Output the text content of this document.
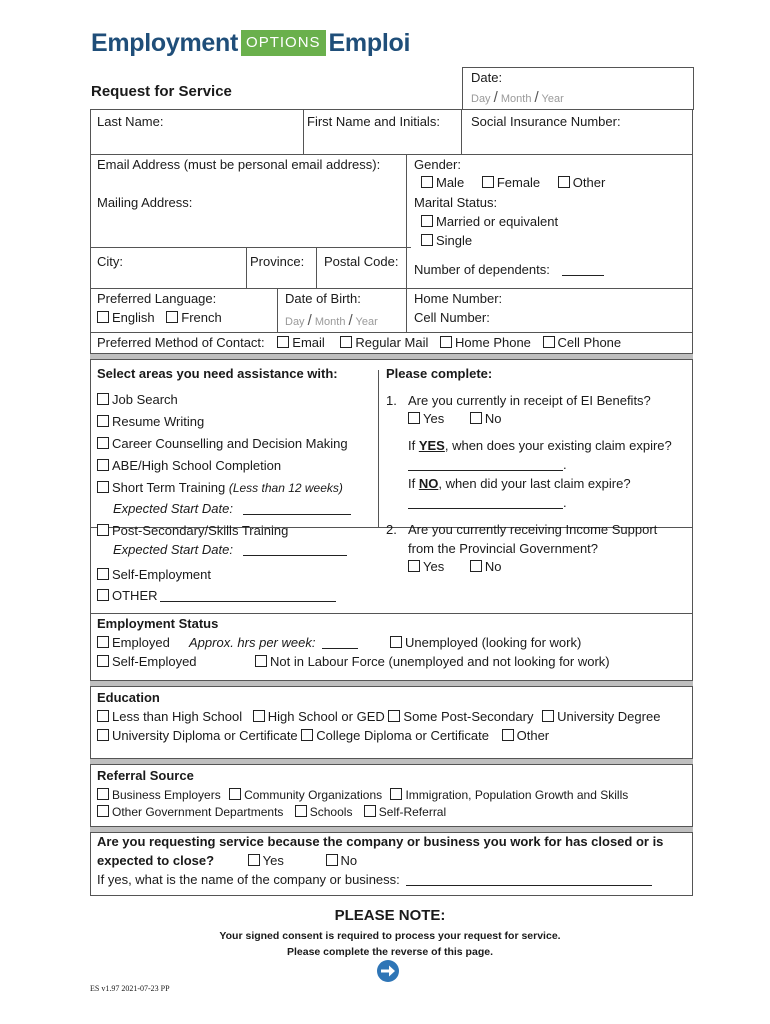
Employment OPTIONS Emploi
Request for Service
Date:
Day / Month / Year
Last Name:	First Name and Initials: Social Insurance Number:
Email Address (must be personal email address):	Gender:
Male	Female	Other
Mailing Address:	Marital Status:
Married or equivalent
Single
City:	Province: Postal Code:
Number of dependents:
Preferred Language:
English French
Date of Birth:
Day / Month / Year
Home Number:
Cell Number:
Preferred Method of Contact: Email Regular Mail Home Phone Cell Phone
Select areas you need assistance with:
Job Search
Resume Writing
Career Counselling and Decision Making
ABE/High School Completion
Short Term Training (Less than 12 weeks)
Expected Start Date:
Post-Secondary/Skills Training
Expected Start Date:
Self-Employment
OTHER
Please complete:
1. Are you currently in receipt of EI Benefits?
Yes	No
If YES, when does your existing claim expire?
.
If NO, when did your last claim expire?
.
2. Are you currently receiving Income Support
from the Provincial Government?
Yes	No
Employment Status
Employed Approx. hrs per week:	Unemployed (looking for work)
Self-Employed	Not in Labour Force (unemployed and not looking for work)
Education
Less than High School High School or GED Some Post-Secondary University Degree
University Diploma or Certificate College Diploma or Certificate Other
Referral Source
Business Employers Community Organizations Immigration, Population Growth and Skills
Other Government Departments Schools Self-Referral
Are you requesting service because the company or business you work for has closed or is
expected to close?	Yes	No
If yes, what is the name of the company or business:
PLEASE NOTE:
Your signed consent is required to process your request for service.
Please complete the reverse of this page.
ES v1.97 2021-07-23 PP
